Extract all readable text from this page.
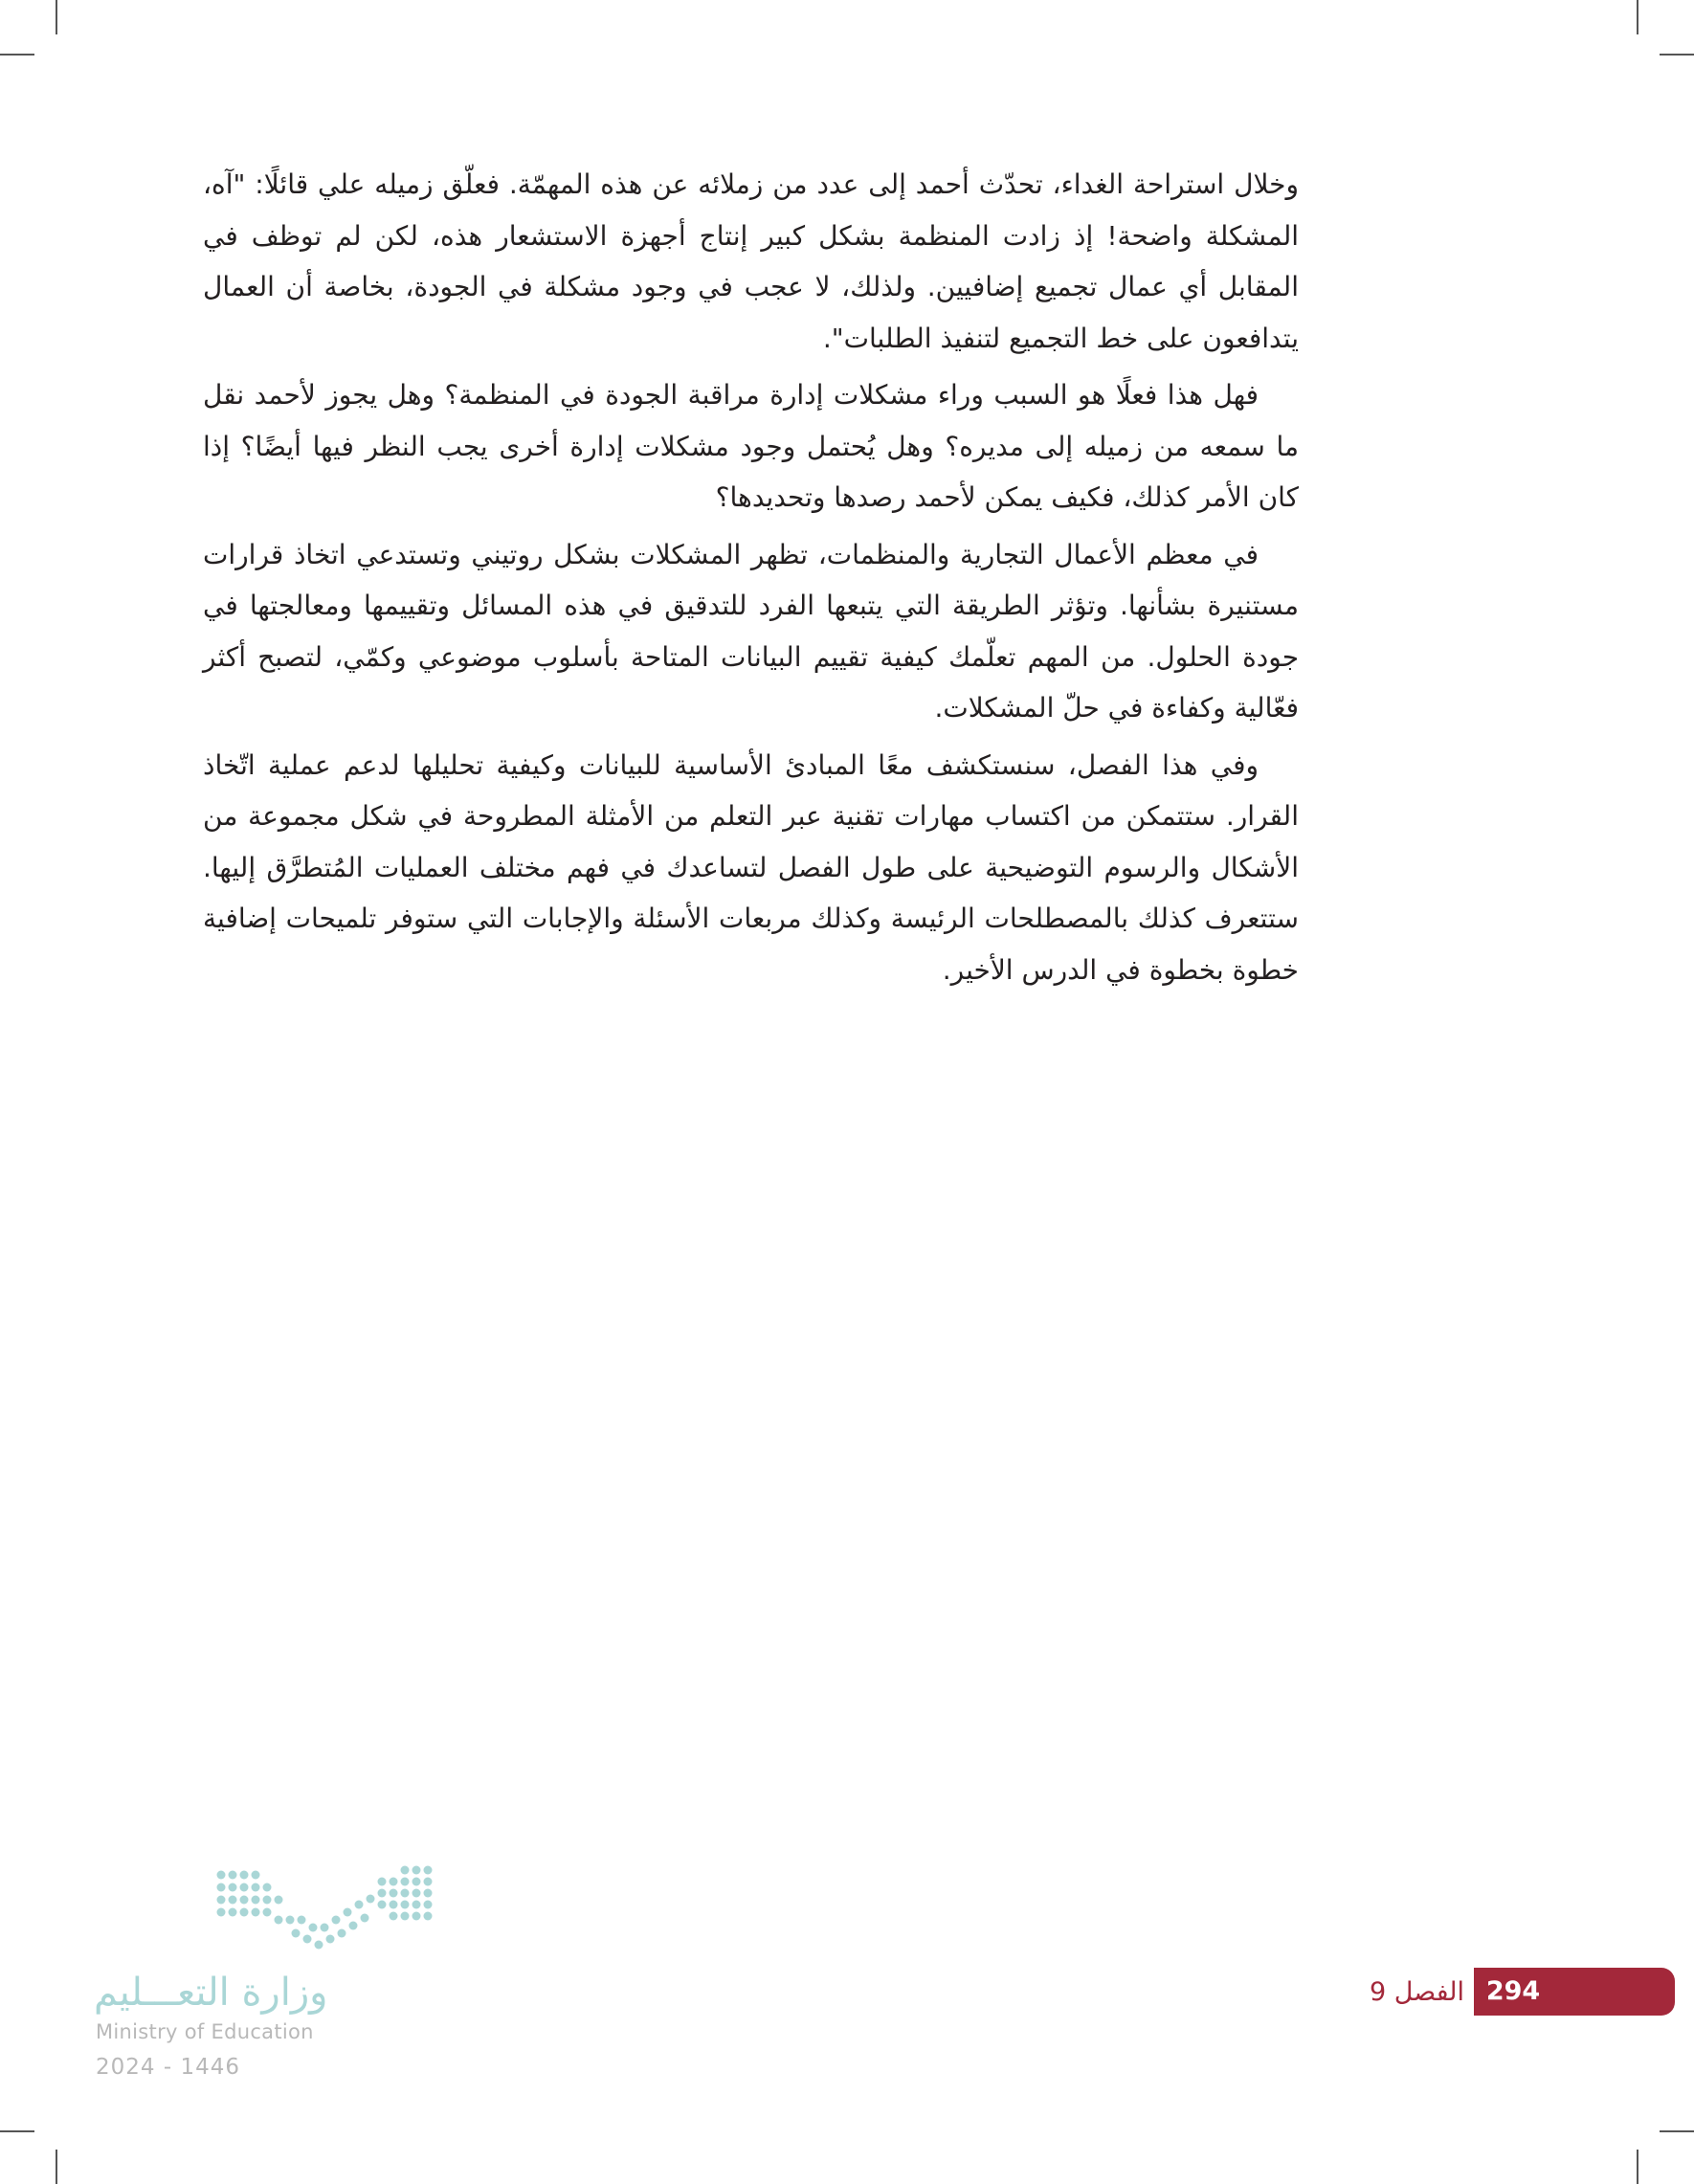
وخلال استراحة الغداء، تحدّث أحمد إلى عدد من زملائه عن هذه المهمّة. فعلّق زميله علي قائلًا: "آه، المشكلة واضحة! إذ زادت المنظمة بشكل كبير إنتاج أجهزة الاستشعار هذه، لكن لم توظف في المقابل أي عمال تجميع إضافيين. ولذلك، لا عجب في وجود مشكلة في الجودة، بخاصة أن العمال يتدافعون على خط التجميع لتنفيذ الطلبات".

فهل هذا فعلًا هو السبب وراء مشكلات إدارة مراقبة الجودة في المنظمة؟ وهل يجوز لأحمد نقل ما سمعه من زميله إلى مديره؟ وهل يُحتمل وجود مشكلات إدارة أخرى يجب النظر فيها أيضًا؟ إذا كان الأمر كذلك، فكيف يمكن لأحمد رصدها وتحديدها؟

في معظم الأعمال التجارية والمنظمات، تظهر المشكلات بشكل روتيني وتستدعي اتخاذ قرارات مستنيرة بشأنها. وتؤثر الطريقة التي يتبعها الفرد للتدقيق في هذه المسائل وتقييمها ومعالجتها في جودة الحلول. من المهم تعلّمك كيفية تقييم البيانات المتاحة بأسلوب موضوعي وكمّي، لتصبح أكثر فعّالية وكفاءة في حلّ المشكلات.

وفي هذا الفصل، سنستكشف معًا المبادئ الأساسية للبيانات وكيفية تحليلها لدعم عملية اتّخاذ القرار. ستتمكن من اكتساب مهارات تقنية عبر التعلم من الأمثلة المطروحة في شكل مجموعة من الأشكال والرسوم التوضيحية على طول الفصل لتساعدك في فهم مختلف العمليات المُتطرَّق إليها. ستتعرف كذلك بالمصطلحات الرئيسة وكذلك مربعات الأسئلة والإجابات التي ستوفر تلميحات إضافية خطوة بخطوة في الدرس الأخير.

وزارة التعـــليم
Ministry of Education
2024 - 1446
294
الفصل 9
